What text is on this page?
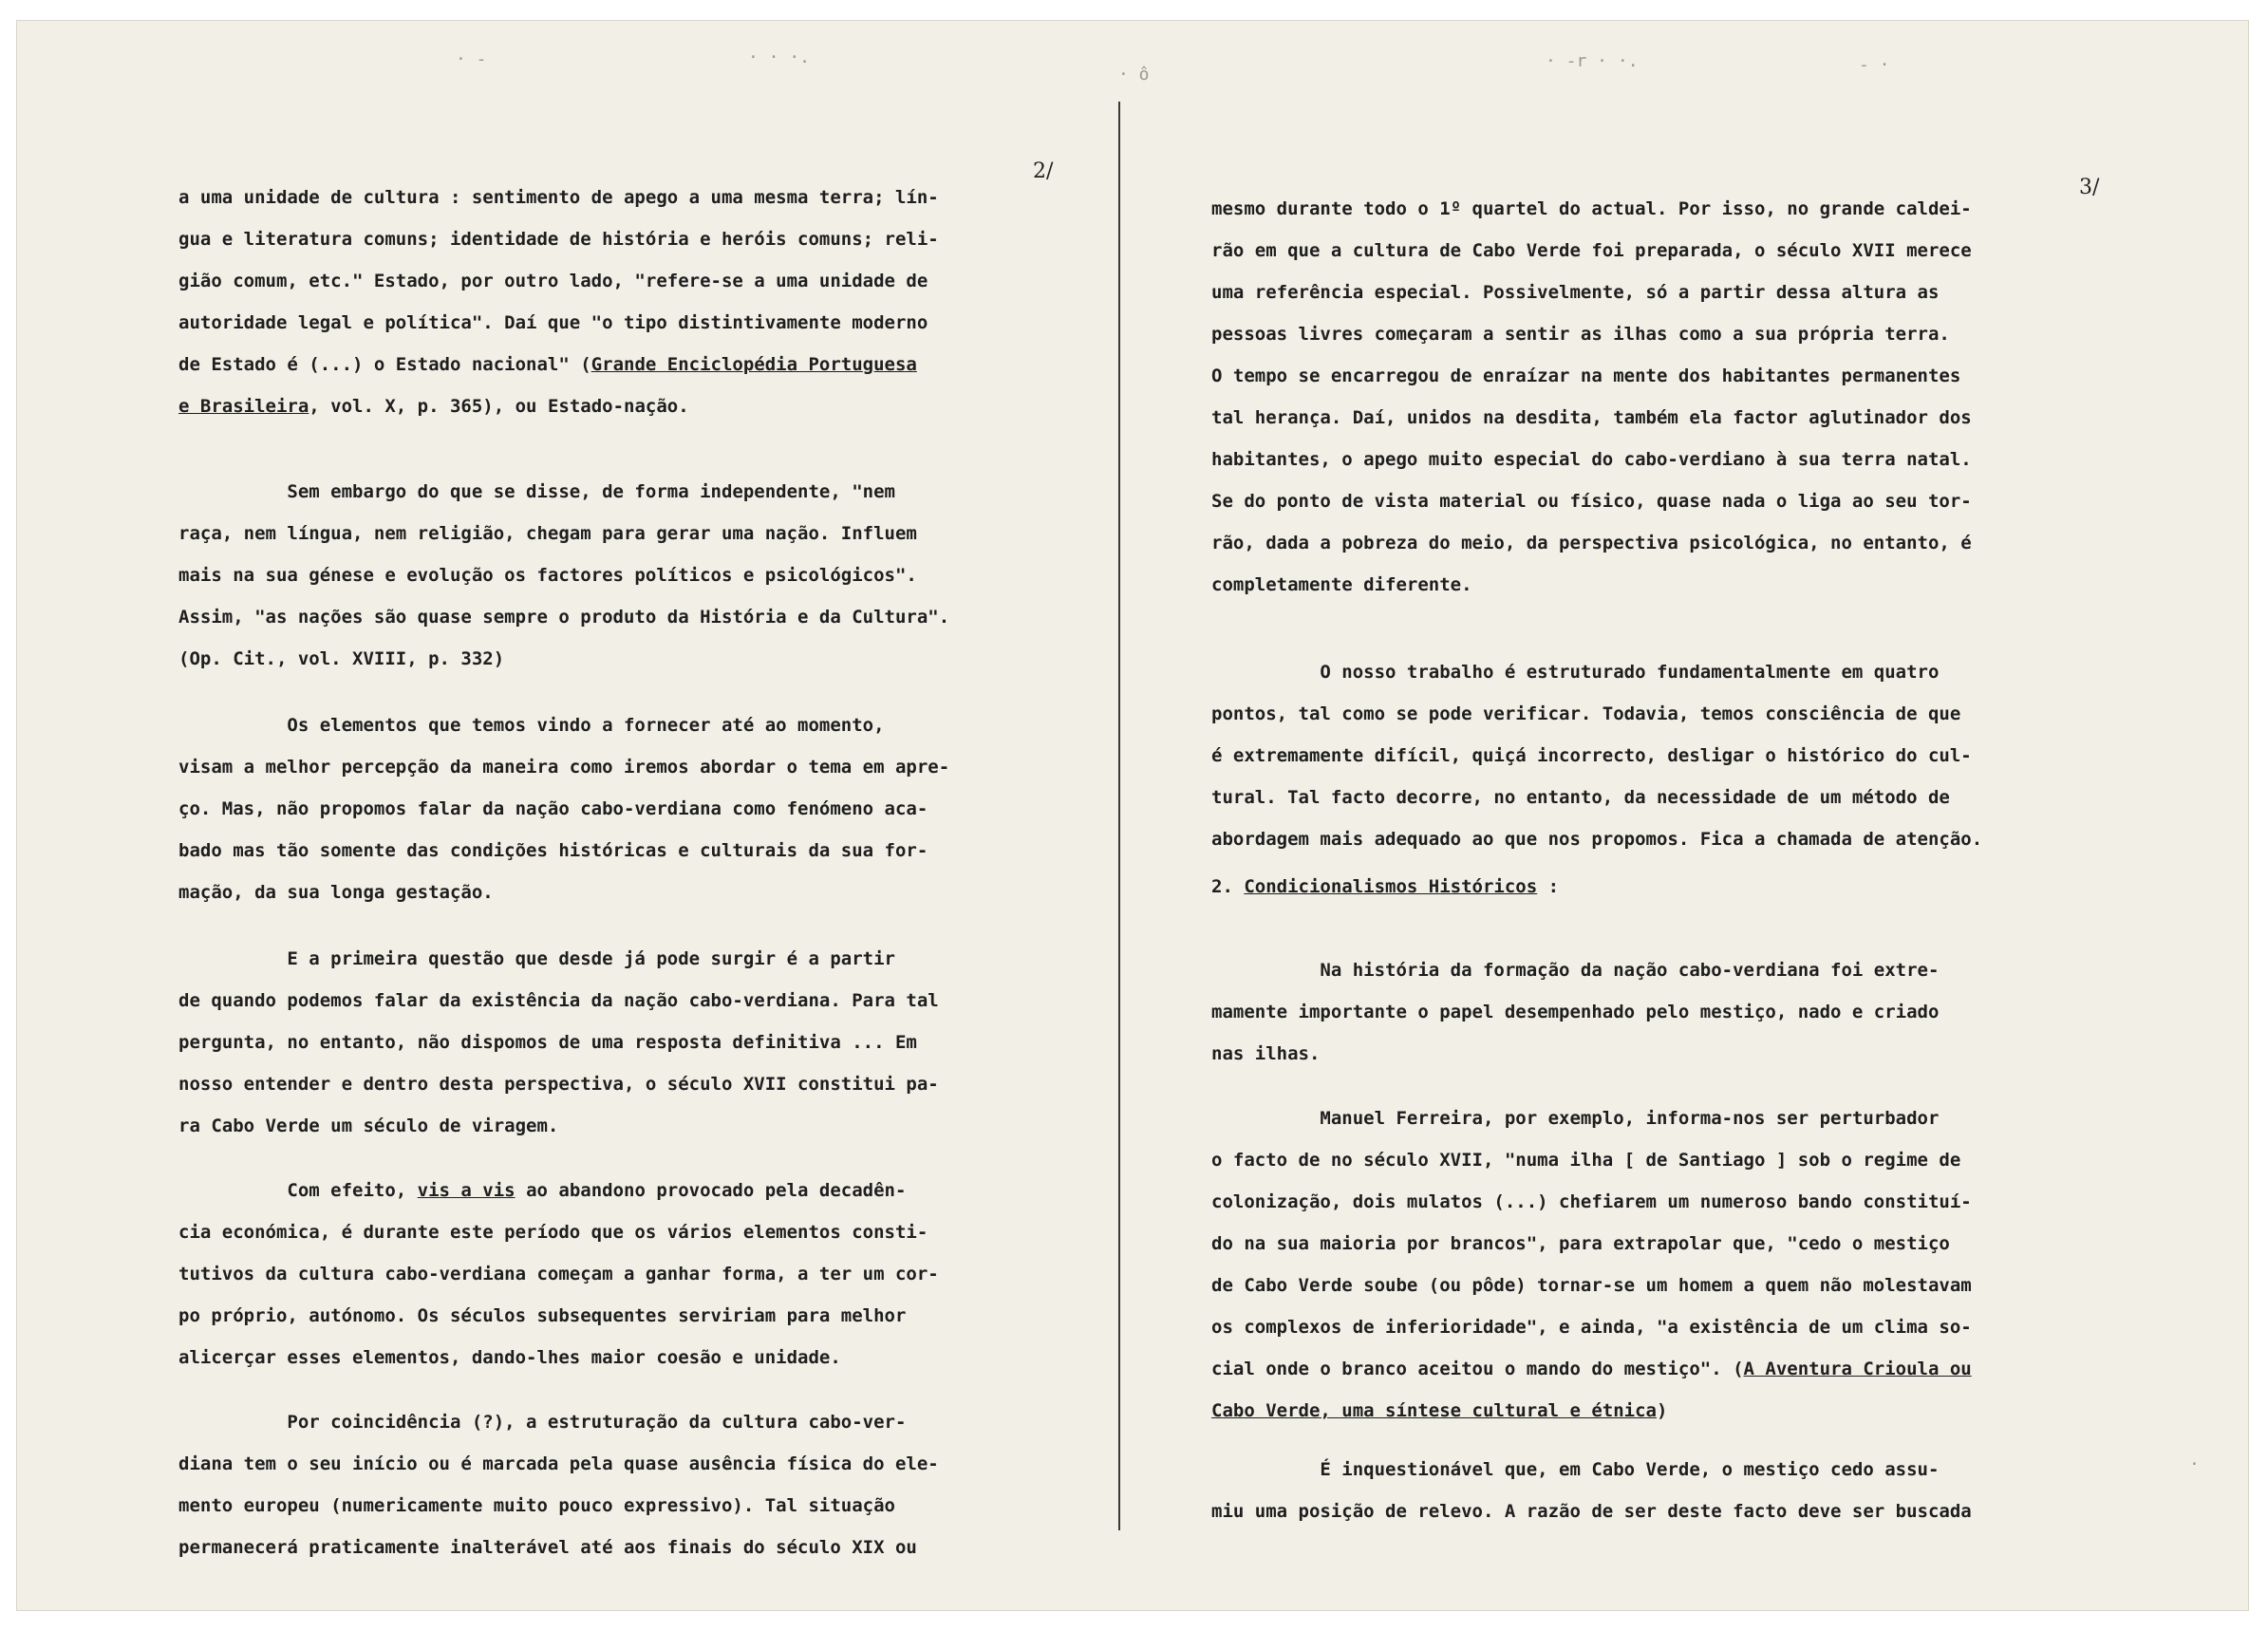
· -	· · ·.
· ô
· -r · ·.	- ·
·
2/
3/
a uma unidade de cultura : sentimento de apego a uma mesma terra; lín-
gua e literatura comuns; identidade de história e heróis comuns; reli-
gião comum, etc." Estado, por outro lado, "refere-se a uma unidade de
autoridade legal e política". Daí que "o tipo distintivamente moderno
de Estado é (...) o Estado nacional" (Grande Enciclopédia Portuguesa
e Brasileira, vol. X, p. 365), ou Estado-nação.
Sem embargo do que se disse, de forma independente, "nem
raça, nem língua, nem religião, chegam para gerar uma nação. Influem
mais na sua génese e evolução os factores políticos e psicológicos".
Assim, "as nações são quase sempre o produto da História e da Cultura".
(Op. Cit., vol. XVIII, p. 332)
Os elementos que temos vindo a fornecer até ao momento,
visam a melhor percepção da maneira como iremos abordar o tema em apre-
ço. Mas, não propomos falar da nação cabo-verdiana como fenómeno aca-
bado mas tão somente das condições históricas e culturais da sua for-
mação, da sua longa gestação.
E a primeira questão que desde já pode surgir é a partir
de quando podemos falar da existência da nação cabo-verdiana. Para tal
pergunta, no entanto, não dispomos de uma resposta definitiva ... Em
nosso entender e dentro desta perspectiva, o século XVII constitui pa-
ra Cabo Verde um século de viragem.
Com efeito, vis a vis ao abandono provocado pela decadên-
cia económica, é durante este período que os vários elementos consti-
tutivos da cultura cabo-verdiana começam a ganhar forma, a ter um cor-
po próprio, autónomo. Os séculos subsequentes serviriam para melhor
alicerçar esses elementos, dando-lhes maior coesão e unidade.
Por coincidência (?), a estruturação da cultura cabo-ver-
diana tem o seu início ou é marcada pela quase ausência física do ele-
mento europeu (numericamente muito pouco expressivo). Tal situação
permanecerá praticamente inalterável até aos finais do século XIX ou
mesmo durante todo o 1º quartel do actual. Por isso, no grande caldei-
rão em que a cultura de Cabo Verde foi preparada, o século XVII merece
uma referência especial. Possivelmente, só a partir dessa altura as
pessoas livres começaram a sentir as ilhas como a sua própria terra.
O tempo se encarregou de enraízar na mente dos habitantes permanentes
tal herança. Daí, unidos na desdita, também ela factor aglutinador dos
habitantes, o apego muito especial do cabo-verdiano à sua terra natal.
Se do ponto de vista material ou físico, quase nada o liga ao seu tor-
rão, dada a pobreza do meio, da perspectiva psicológica, no entanto, é
completamente diferente.
O nosso trabalho é estruturado fundamentalmente em quatro
pontos, tal como se pode verificar. Todavia, temos consciência de que
é extremamente difícil, quiçá incorrecto, desligar o histórico do cul-
tural. Tal facto decorre, no entanto, da necessidade de um método de
abordagem mais adequado ao que nos propomos. Fica a chamada de atenção.
2. Condicionalismos Históricos :
Na história da formação da nação cabo-verdiana foi extre-
mamente importante o papel desempenhado pelo mestiço, nado e criado
nas ilhas.
Manuel Ferreira, por exemplo, informa-nos ser perturbador
o facto de no século XVII, "numa ilha [ de Santiago ] sob o regime de
colonização, dois mulatos (...) chefiarem um numeroso bando constituí-
do na sua maioria por brancos", para extrapolar que, "cedo o mestiço
de Cabo Verde soube (ou pôde) tornar-se um homem a quem não molestavam
os complexos de inferioridade", e ainda, "a existência de um clima so-
cial onde o branco aceitou o mando do mestiço". (A Aventura Crioula ou
Cabo Verde, uma síntese cultural e étnica)
É inquestionável que, em Cabo Verde, o mestiço cedo assu-
miu uma posição de relevo. A razão de ser deste facto deve ser buscada
